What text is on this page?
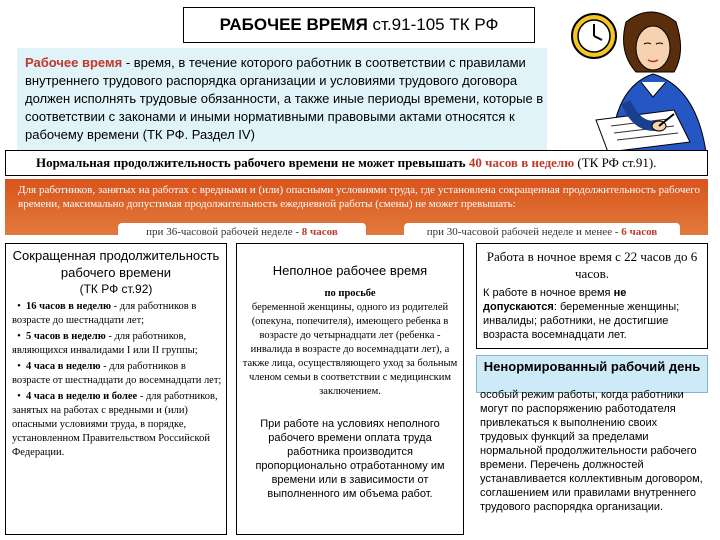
РАБОЧЕЕ ВРЕМЯ ст.91-105 ТК РФ
Рабочее время - время, в течение которого работник в соответствии с правилами внутреннего трудового распорядка организации и условиями трудового договора должен исполнять трудовые обязанности, а также иные периоды времени, которые в соответствии с законами и иными нормативными правовыми актами относятся к рабочему времени (ТК РФ. Раздел IV)
Нормальная продолжительность рабочего времени не может превышать 40 часов в неделю (ТК РФ ст.91).
Для работников, занятых на работах с вредными и (или) опасными условиями труда, где установлена сокращенная продолжительность рабочего времени, максимально допустимая продолжительность ежедневной работы (смены) не может превышать:
при 36-часовой рабочей неделе - 8 часов	при 30-часовой рабочей неделе и менее - 6 часов
Сокращенная продолжительность рабочего времени
(ТК РФ ст.92)
• 16 часов в неделю - для работников в возрасте до шестнадцати лет;
• 5 часов в неделю - для работников, являющихся инвалидами I или II группы;
• 4 часа в неделю - для работников в возрасте от шестнадцати до восемнадцати лет;
• 4 часа в неделю и более - для работников, занятых на работах с вредными и (или) опасными условиями труда, в порядке, установленном Правительством Российской Федерации.
Неполное рабочее время
по просьбе
беременной женщины, одного из родителей (опекуна, попечителя), имеющего ребенка в возрасте до четырнадцати лет (ребенка - инвалида в возрасте до восемнадцати лет), а также лица, осуществляющего уход за больным членом семьи в соответствии с медицинским заключением.
При работе на условиях неполного рабочего времени оплата труда работника производится пропорционально отработанному им времени или в зависимости от выполненного им объема работ.
Работа в ночное время с 22 часов до 6 часов.
К работе в ночное время не допускаются: беременные женщины; инвалиды; работники, не достигшие возраста восемнадцати лет.
Ненормированный рабочий день
особый режим работы, когда работники могут по распоряжению работодателя привлекаться к выполнению своих трудовых функций за пределами нормальной продолжительности рабочего времени. Перечень должностей устанавливается коллективным договором, соглашением или правилами внутреннего трудового распорядка организации.
